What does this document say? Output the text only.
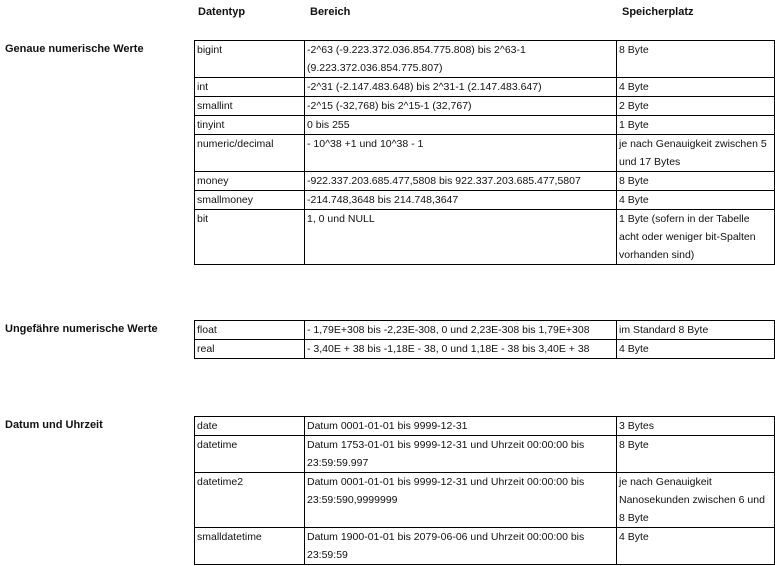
Datentyp	Bereich	Speicherplatz
Genaue numerische Werte	bigint	-2^63 (-9.223.372.036.854.775.808) bis 2^63-1 (9.223.372.036.854.775.807)	8 Byte
int	-2^31 (-2.147.483.648) bis 2^31-1 (2.147.483.647)	4 Byte
smallint	-2^15 (-32,768) bis 2^15-1 (32,767)	2 Byte
tinyint	0 bis 255	1 Byte
numeric/decimal	- 10^38 +1 und 10^38 - 1	je nach Genauigkeit zwischen 5 und 17 Bytes
money	-922.337.203.685.477,5808 bis 922.337.203.685.477,5807	8 Byte
smallmoney	-214.748,3648 bis 214.748,3647	4 Byte
bit	1, 0 und NULL	1 Byte (sofern in der Tabelle acht oder weniger bit-Spalten vorhanden sind)
Ungefähre numerische Werte	float	- 1,79E+308 bis -2,23E-308, 0 und 2,23E-308 bis 1,79E+308	im Standard 8 Byte
real	- 3,40E + 38 bis -1,18E - 38, 0 und 1,18E - 38 bis 3,40E + 38	4 Byte
Datum und Uhrzeit	date	Datum 0001-01-01 bis 9999-12-31	3 Bytes
datetime	Datum 1753-01-01 bis 9999-12-31 und Uhrzeit 00:00:00 bis 23:59:59.997	8 Byte
datetime2	Datum 0001-01-01 bis 9999-12-31 und Uhrzeit 00:00:00 bis 23:59:590,9999999	je nach Genauigkeit Nanosekunden zwischen 6 und 8 Byte
smalldatetime	Datum 1900-01-01 bis 2079-06-06 und Uhrzeit 00:00:00 bis 23:59:59	4 Byte
